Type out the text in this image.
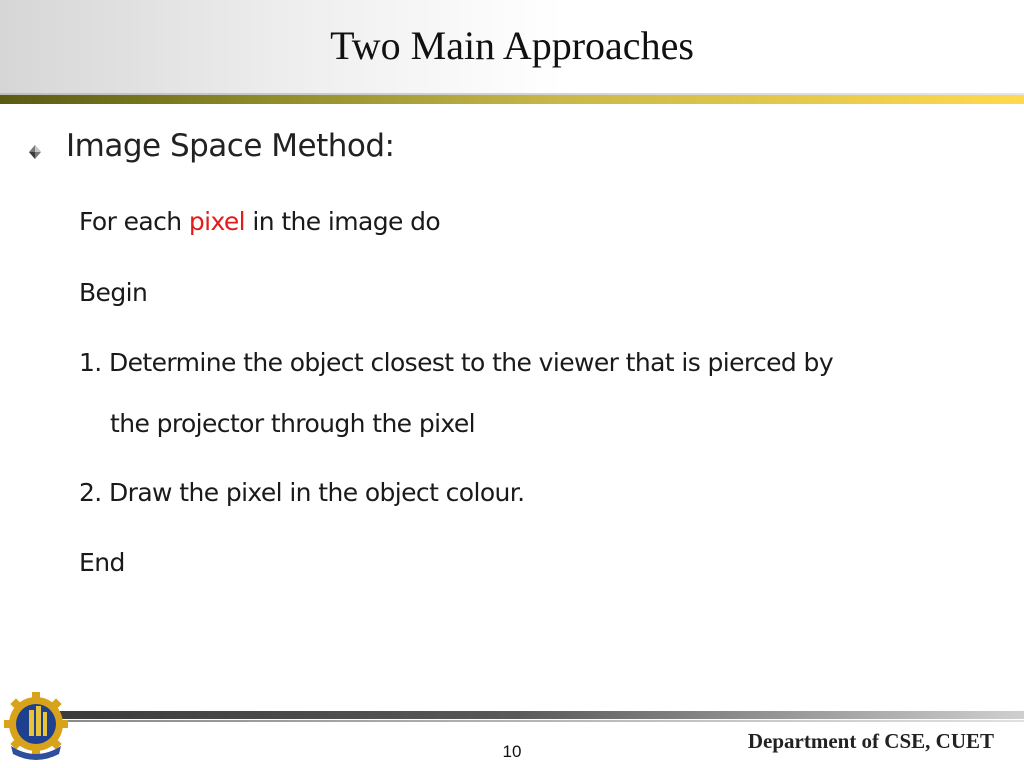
Two Main Approaches
Image Space Method:
For each pixel in the image do
Begin
1. Determine the object closest to the viewer that is pierced by
the projector through the pixel
2. Draw the pixel in the object colour.
End
10	Department of CSE, CUET
